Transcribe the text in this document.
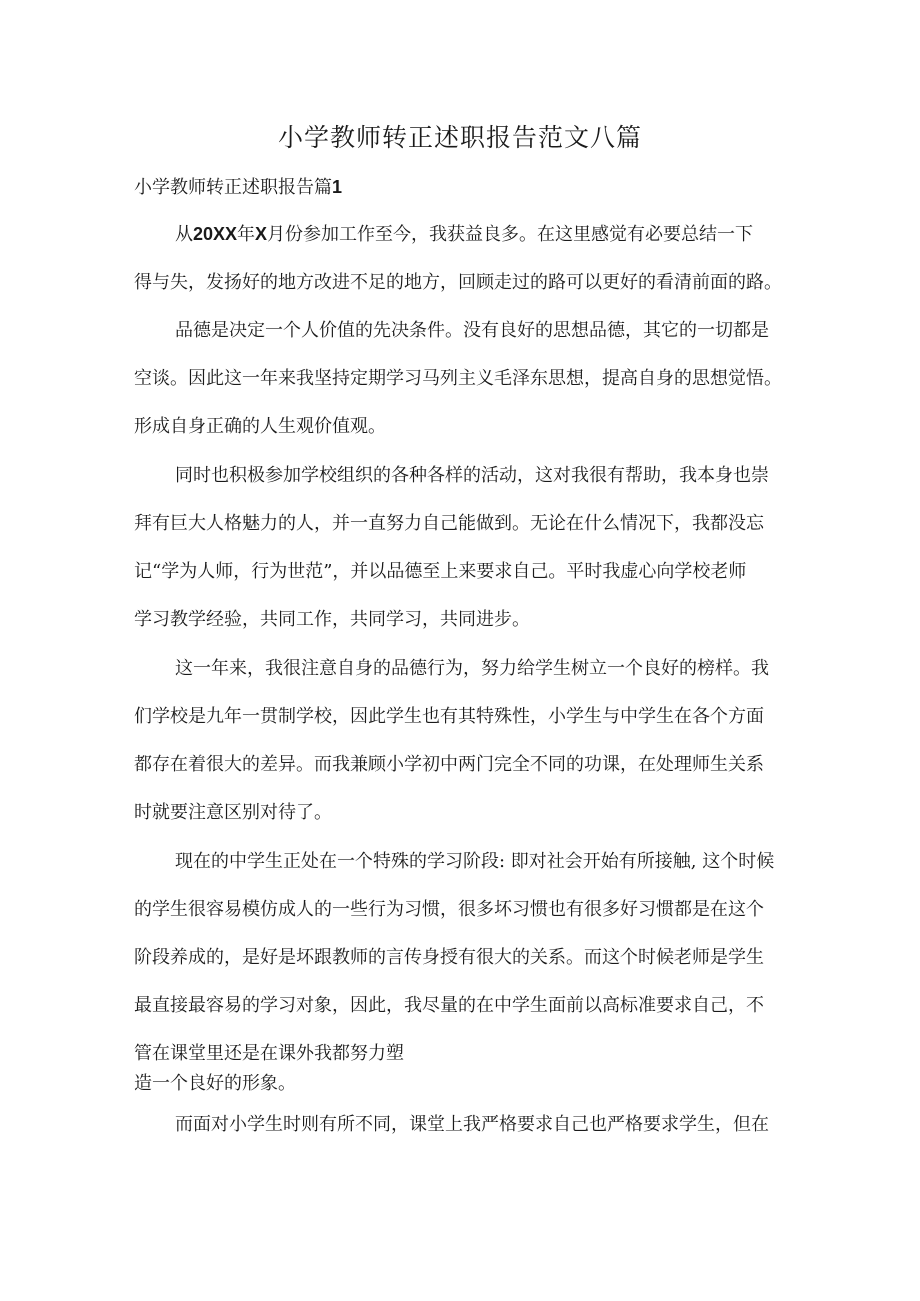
小学教师转正述职报告范文八篇
小学教师转正述职报告篇1
从20XX年X月份参加工作至今，我获益良多。在这里感觉有必要总结一下
得与失，发扬好的地方改进不足的地方，回顾走过的路可以更好的看清前面的路。
品德是决定一个人价值的先决条件。没有良好的思想品德，其它的一切都是
空谈。因此这一年来我坚持定期学习马列主义毛泽东思想，提高自身的思想觉悟。
形成自身正确的人生观价值观。
同时也积极参加学校组织的各种各样的活动，这对我很有帮助，我本身也崇
拜有巨大人格魅力的人，并一直努力自己能做到。无论在什么情况下，我都没忘
记“学为人师，行为世范”，并以品德至上来要求自己。平时我虚心向学校老师
学习教学经验，共同工作，共同学习，共同进步。
这一年来，我很注意自身的品德行为，努力给学生树立一个良好的榜样。我
们学校是九年一贯制学校，因此学生也有其特殊性，小学生与中学生在各个方面
都存在着很大的差异。而我兼顾小学初中两门完全不同的功课，在处理师生关系
时就要注意区别对待了。
现在的中学生正处在一个特殊的学习阶段: 即对社会开始有所接触, 这个时候
的学生很容易模仿成人的一些行为习惯，很多坏习惯也有很多好习惯都是在这个
阶段养成的，是好是坏跟教师的言传身授有很大的关系。而这个时候老师是学生
最直接最容易的学习对象，因此，我尽量的在中学生面前以高标准要求自己，不
管在课堂里还是在课外我都努力塑
造一个良好的形象。
而面对小学生时则有所不同，课堂上我严格要求自己也严格要求学生，但在
